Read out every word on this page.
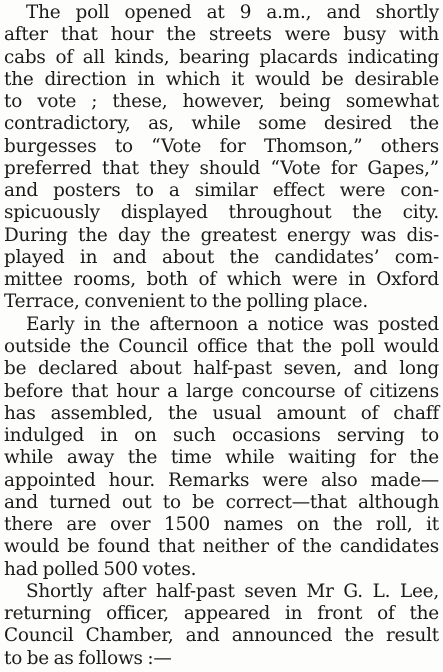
The poll opened at 9 a.m., and shortly
after that hour the streets were busy with
cabs of all kinds, bearing placards indicating
the direction in which it would be desirable
to vote ; these, however, being somewhat
contradictory, as, while some desired the
burgesses to “Vote for Thomson,” others
preferred that they should “Vote for Gapes,”
and posters to a similar effect were con-
spicuously displayed throughout the city.
During the day the greatest energy was dis-
played in and about the candidates’ com-
mittee rooms, both of which were in Oxford
Terrace, convenient to the polling place.
Early in the afternoon a notice was posted
outside the Council office that the poll would
be declared about half-past seven, and long
before that hour a large concourse of citizens
has assembled, the usual amount of chaff
indulged in on such occasions serving to
while away the time while waiting for the
appointed hour. Remarks were also made—
and turned out to be correct—that although
there are over 1500 names on the roll, it
would be found that neither of the candidates
had polled 500 votes.
Shortly after half-past seven Mr G. L. Lee,
returning officer, appeared in front of the
Council Chamber, and announced the result
to be as follows :—
